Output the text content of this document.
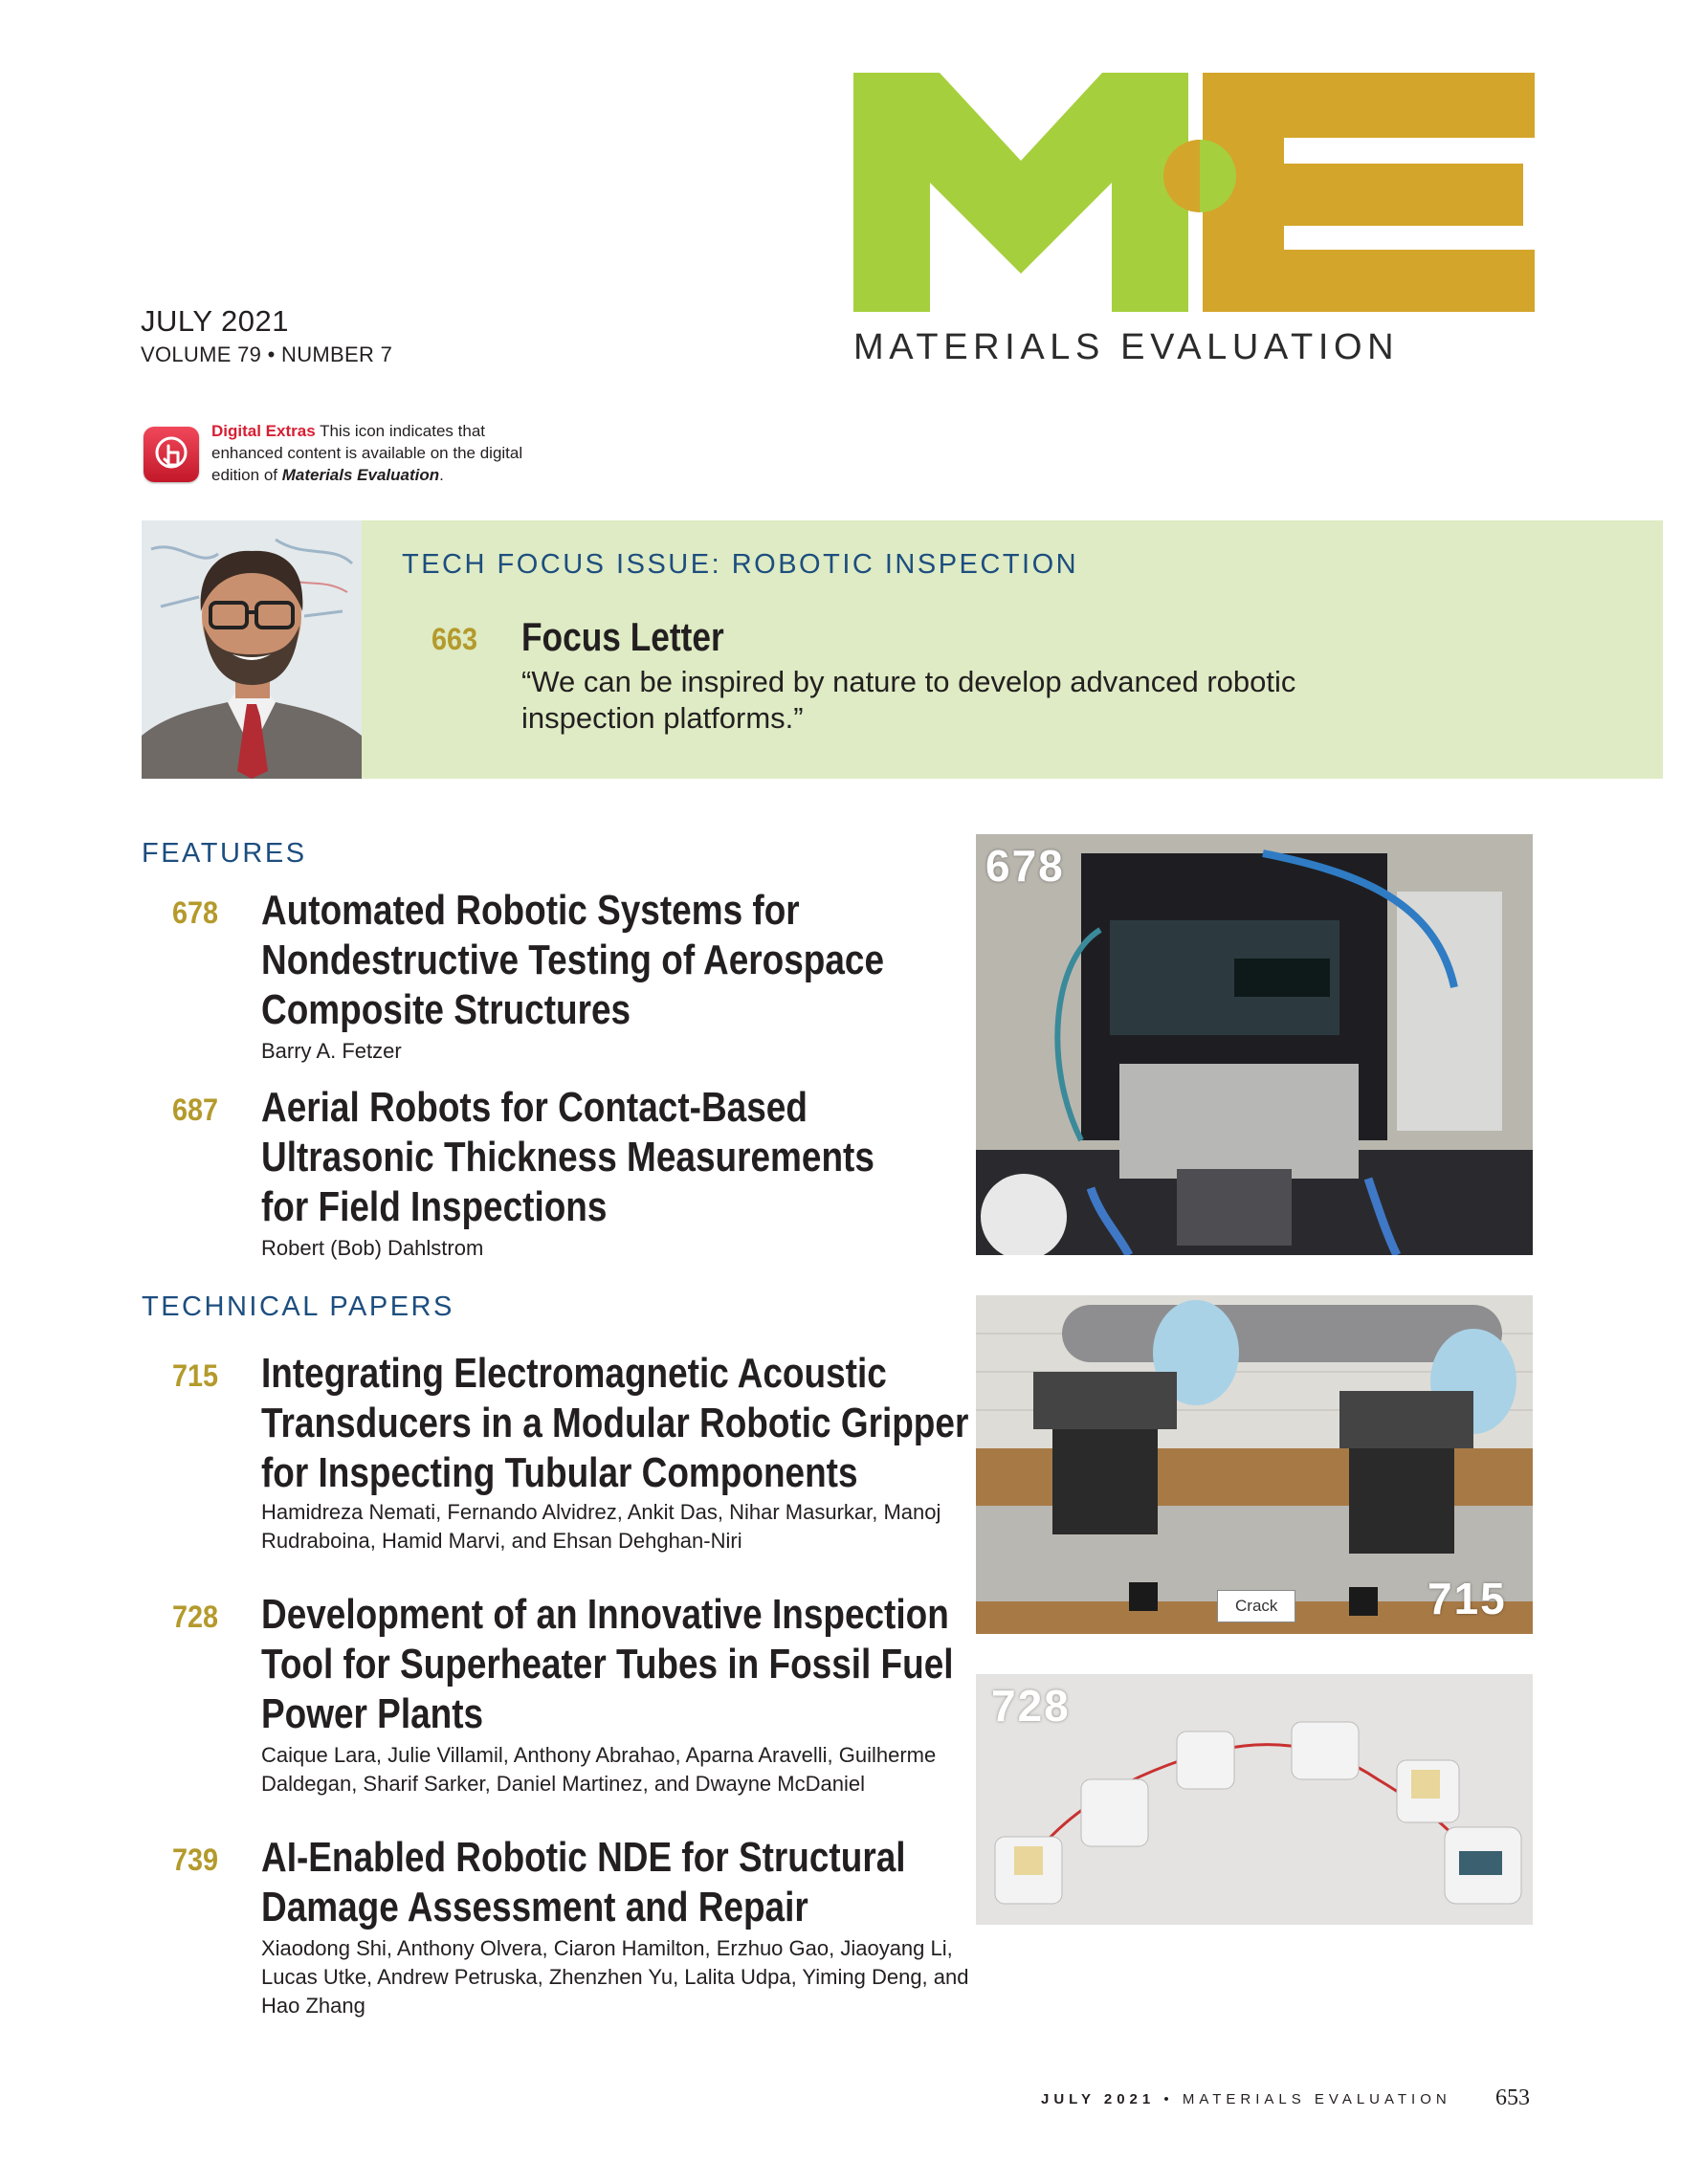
JULY 2021
VOLUME 79 • NUMBER 7	MATERIALS EVALUATION
Digital Extras This icon indicates that enhanced content is available on the digital edition of Materials Evaluation.
TECH FOCUS ISSUE: ROBOTIC INSPECTION
663 Focus Letter
“We can be inspired by nature to develop advanced robotic inspection platforms.”
FEATURES
678 Automated Robotic Systems for
Nondestructive Testing of Aerospace
Composite Structures
Barry A. Fetzer
687 Aerial Robots for Contact-Based
Ultrasonic Thickness Measurements
for Field Inspections
Robert (Bob) Dahlstrom
TECHNICAL PAPERS
715 Integrating Electromagnetic Acoustic
Transducers in a Modular Robotic Gripper
for Inspecting Tubular Components
Hamidreza Nemati, Fernando Alvidrez, Ankit Das, Nihar Masurkar, Manoj Rudraboina, Hamid Marvi, and Ehsan Dehghan-Niri
728 Development of an Innovative Inspection
Tool for Superheater Tubes in Fossil Fuel
Power Plants
Caique Lara, Julie Villamil, Anthony Abrahao, Aparna Aravelli, Guilherme Daldegan, Sharif Sarker, Daniel Martinez, and Dwayne McDaniel
739 AI-Enabled Robotic NDE for Structural
Damage Assessment and Repair
Xiaodong Shi, Anthony Olvera, Ciaron Hamilton, Erzhuo Gao, Jiaoyang Li, Lucas Utke, Andrew Petruska, Zhenzhen Yu, Lalita Udpa, Yiming Deng, and Hao Zhang
678
Crack	715
728
JULY 2021 • MATERIALS EVALUATION 653
